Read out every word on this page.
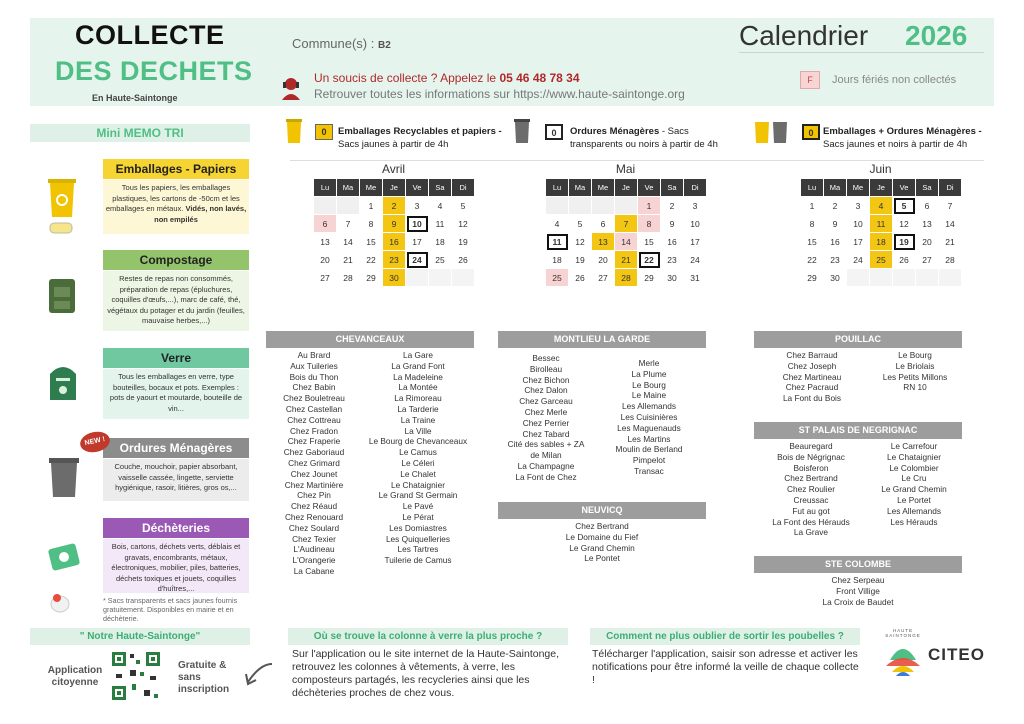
COLLECTE
DES DECHETS
En Haute-Saintonge
Commune(s) : B2
Un soucis de collecte ? Appelez le 05 46 48 78 34
Retrouver toutes les informations sur https://www.haute-saintonge.org
Calendrier 2026
F	Jours fériés non collectés
Mini MEMO TRI
Emballages - Papiers
Tous les papiers, les emballages plastiques, les cartons de -50cm et les emballages en métaux. Vidés, non lavés, non empilés
Compostage
Restes de repas non consommés, préparation de repas (épluchures, coquilles d'œufs,...), marc de café, thé, végétaux du potager et du jardin (feuilles, mauvaise herbes,...)
Verre
Tous les emballages en verre, type bouteilles, bocaux et pots. Exemples : pots de yaourt et moutarde, bouteille de vin...
Ordures Ménagères
NEW !
Couche, mouchoir, papier absorbant, vaisselle cassée, lingette, serviette hygiénique, rasoir, litières, gros os,...
Déchèteries
Bois, cartons, déchets verts, déblais et gravats, encombrants, métaux, électroniques, mobilier, piles, batteries, déchets toxiques et jouets, coquilles d'huîtres,...
* Sacs transparents et sacs jaunes fournis gratuitement. Disponibles en mairie et en déchèterie.
0	Emballages Recyclables et papiers -
Sacs jaunes à partir de 4h
0	Ordures Ménagères - Sacs
transparents ou noirs à partir de 4h
0	Emballages + Ordures Ménagères -
Sacs jaunes et noirs à partir de 4h
Avril
Lu	Ma	Me	Je	Ve	Sa	Di
		1	2	3	4	5
6	7	8	9	10	11	12
13	14	15	16	17	18	19
20	21	22	23	24	25	26
27	28	29	30			
Mai
Lu	Ma	Me	Je	Ve	Sa	Di
				1	2	3
4	5	6	7	8	9	10
11	12	13	14	15	16	17
18	19	20	21	22	23	24
25	26	27	28	29	30	31
Juin
Lu	Ma	Me	Je	Ve	Sa	Di
1	2	3	4	5	6	7
8	9	10	11	12	13	14
15	16	17	18	19	20	21
22	23	24	25	26	27	28
29	30					
CHEVANCEAUX
Au Brard
Aux Tuileries
Bois du Thon
Chez Babin
Chez Bouletreau
Chez Castellan
Chez Cottreau
Chez Fradon
Chez Fraperie
Chez Gaboriaud
Chez Grimard
Chez Jounet
Chez Martinière
Chez Pin
Chez Réaud
Chez Renouard
Chez Soulard
Chez Texier
L'Audineau
L'Orangerie
La Cabane
La Gare
La Grand Font
La Madeleine
La Montée
La Rimoreau
La Tarderie
La Traine
La Ville
Le Bourg de Chevanceaux
Le Camus
Le Céleri
Le Chalet
Le Chataignier
Le Grand St Germain
Le Pavé
Le Pérat
Les Domiastres
Les Quiquelleries
Les Tartres
Tuilerie de Camus
MONTLIEU LA GARDE
Bessec
Birolleau
Chez Bichon
Chez Dalon
Chez Garceau
Chez Merle
Chez Perrier
Chez Tabard
Cité des sables + ZA
de Milan
La Champagne
La Font de Chez
Merle
La Plume
Le Bourg
Le Maine
Les Allemands
Les Cuisinières
Les Maguenauds
Les Martins
Moulin de Berland
Pimpelot
Transac
NEUVICQ
Chez Bertrand
Le Domaine du Fief
Le Grand Chemin
Le Pontet
POUILLAC
Chez Barraud
Chez Joseph
Chez Martineau
Chez Pacraud
La Font du Bois
Le Bourg
Le Briolais
Les Petits Millons
RN 10
ST PALAIS DE NEGRIGNAC
Beauregard
Bois de Négrignac
Boisferon
Chez Bertrand
Chez Roulier
Creussac
Fut au got
La Font des Hérauds
La Grave
Le Carrefour
Le Chataignier
Le Colombier
Le Cru
Le Grand Chemin
Le Portet
Les Allemands
Les Hérauds
STE COLOMBE
Chez Serpeau
Front Villige
La Croix de Baudet
" Notre Haute-Saintonge"
Application citoyenne
Gratuite & sans inscription
Où se trouve la colonne à verre la plus proche ?
Sur l'application ou le site internet de la Haute-Saintonge, retrouvez les colonnes à vêtements, à verre, les composteurs partagés, les recycleries ainsi que les déchèteries proches de chez vous.
Comment ne plus oublier de sortir les poubelles ?
Télécharger l'application, saisir son adresse et activer les notifications pour être informé la veille de chaque collecte !
HAUTE SAINTONGE
CITEO
